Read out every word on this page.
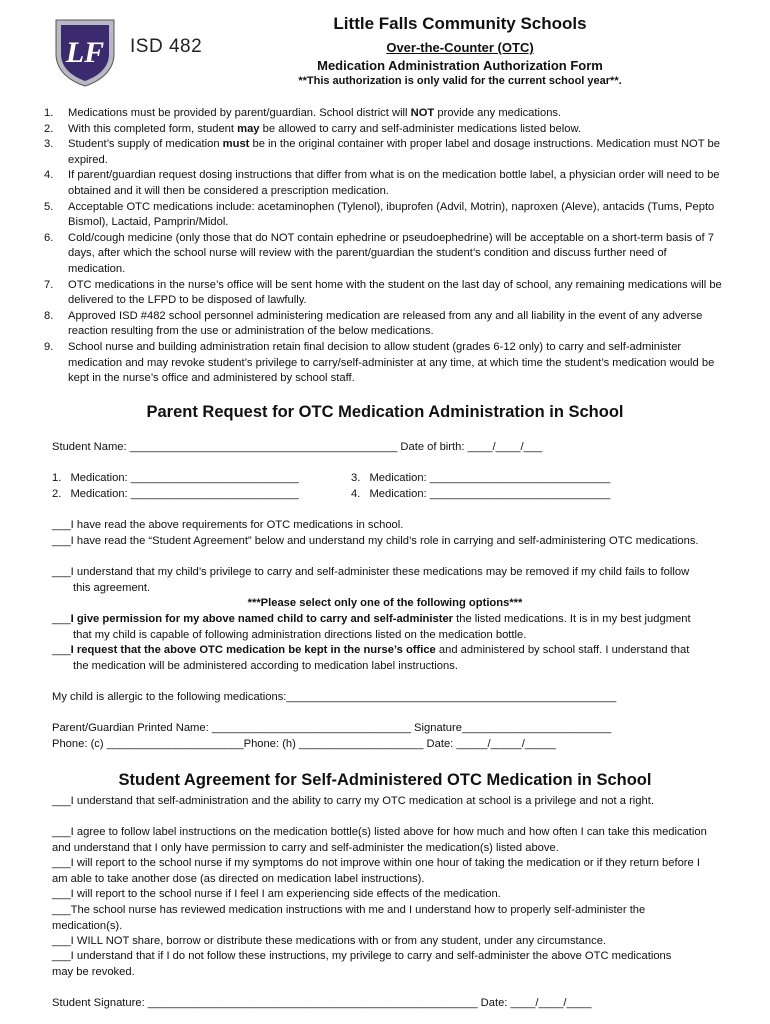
LF ISD 482
Little Falls Community Schools
Over-the-Counter (OTC)
Medication Administration Authorization Form
**This authorization is only valid for the current school year**.
1.	Medications must be provided by parent/guardian. School district will NOT provide any medications.
2.	With this completed form, student may be allowed to carry and self-administer medications listed below.
3.	Student’s supply of medication must be in the original container with proper label and dosage instructions. Medication must NOT be expired.
4.	If parent/guardian request dosing instructions that differ from what is on the medication bottle label, a physician order will need to be obtained and it will then be considered a prescription medication.
5.	Acceptable OTC medications include: acetaminophen (Tylenol), ibuprofen (Advil, Motrin), naproxen (Aleve), antacids (Tums, Pepto Bismol), Lactaid, Pamprin/Midol.
6.	Cold/cough medicine (only those that do NOT contain ephedrine or pseudoephedrine) will be acceptable on a short-term basis of 7 days, after which the school nurse will review with the parent/guardian the student’s condition and discuss further need of medication.
7.	OTC medications in the nurse’s office will be sent home with the student on the last day of school, any remaining medications will be delivered to the LFPD to be disposed of lawfully.
8.	Approved ISD #482 school personnel administering medication are released from any and all liability in the event of any adverse reaction resulting from the use or administration of the below medications.
9.	School nurse and building administration retain final decision to allow student (grades 6-12 only) to carry and self-administer medication and may revoke student’s privilege to carry/self-administer at any time, at which time the student’s medication would be kept in the nurse’s office and administered by school staff.
Parent Request for OTC Medication Administration in School
Student Name: ___________________________________________ Date of birth: ____/____/___
1. Medication: ___________________________
2. Medication: ___________________________
3. Medication: _____________________________
4. Medication: _____________________________
___I have read the above requirements for OTC medications in school.
___I have read the “Student Agreement” below and understand my child’s role in carrying and self-administering OTC medications.
___I understand that my child’s privilege to carry and self-administer these medications may be removed if my child fails to follow this agreement.
***Please select only one of the following options***
___I give permission for my above named child to carry and self-administer the listed medications. It is in my best judgment that my child is capable of following administration directions listed on the medication bottle.
___I request that the above OTC medication be kept in the nurse’s office and administered by school staff. I understand that the medication will be administered according to medication label instructions.
My child is allergic to the following medications:_____________________________________________________
Parent/Guardian Printed Name: ________________________________ Signature________________________
Phone: (c) ______________________Phone: (h) ____________________ Date: _____/_____/_____
Student Agreement for Self-Administered OTC Medication in School
___I understand that self-administration and the ability to carry my OTC medication at school is a privilege and not a right.
___I agree to follow label instructions on the medication bottle(s) listed above for how much and how often I can take this medication and understand that I only have permission to carry and self-administer the medication(s) listed above.
___I will report to the school nurse if my symptoms do not improve within one hour of taking the medication or if they return before I am able to take another dose (as directed on medication label instructions).
___I will report to the school nurse if I feel I am experiencing side effects of the medication.
___The school nurse has reviewed medication instructions with me and I understand how to properly self-administer the medication(s).
___I WILL NOT share, borrow or distribute these medications with or from any student, under any circumstance.
___I understand that if I do not follow these instructions, my privilege to carry and self-administer the above OTC medications may be revoked.
Student Signature: _____________________________________________________ Date: ____/____/____
